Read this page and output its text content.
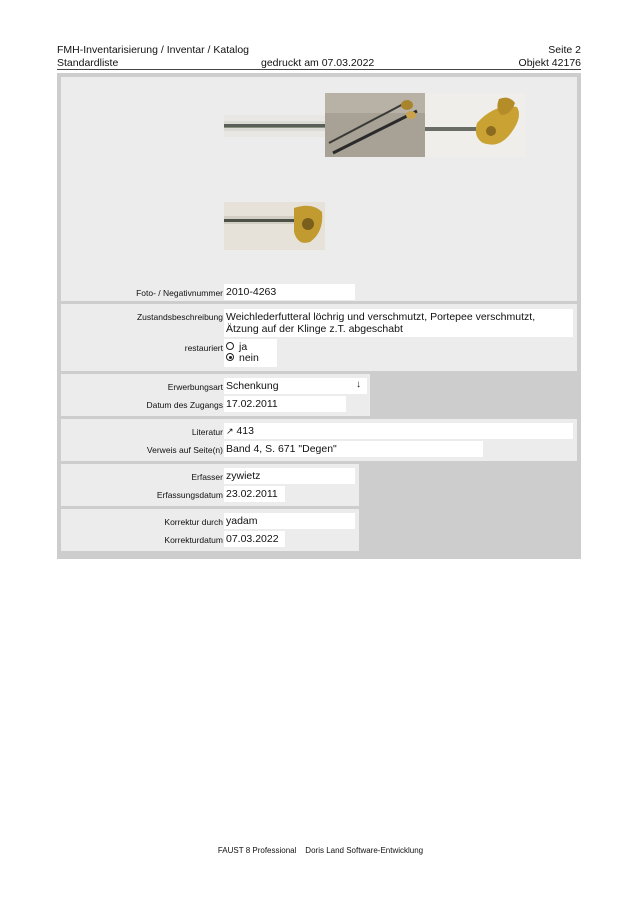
FMH-Inventarisierung / Inventar / Katalog	Seite 2
Standardliste	gedruckt am 07.03.2022	Objekt 42176
Foto- / Negativnummer 2010-4263
Zustandsbeschreibung Weichlederfutteral löchrig und verschmutzt, Portepee verschmutzt,
Ätzung auf der Klinge z.T. abgeschabt
restauriert	ja
nein
Erwerbungsart Schenkung	↓
Datum des Zugangs 17.02.2011
Literatur ↗ 413
Verweis auf Seite(n) Band 4, S. 671 "Degen"
Erfasser zywietz
Erfassungsdatum 23.02.2011
Korrektur durch yadam
Korrekturdatum 07.03.2022
FAUST 8 Professional Doris Land Software-Entwicklung
